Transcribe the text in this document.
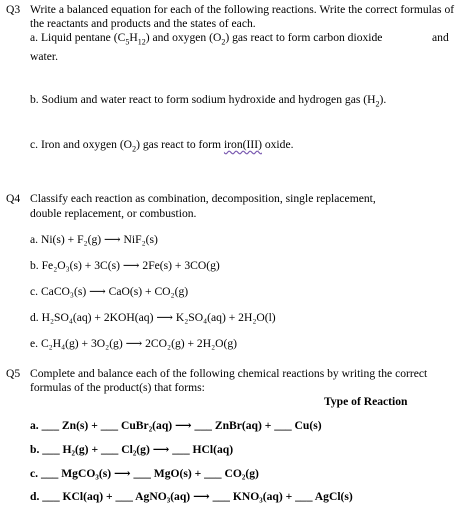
Q3 Write a balanced equation for each of the following reactions. Write the correct formulas of
the reactants and products and the states of each.
a. Liquid pentane $(C_5H_{12})$ and oxygen $(O_2)$ gas react to form carbon dioxide	and
water.
b. Sodium and water react to form sodium hydroxide and hydrogen gas $(H_2)$.
c. Iron and oxygen $(O_2)$ gas react to form iron(III) oxide.
Q4 Classify each reaction as combination, decomposition, single replacement,
double replacement, or combustion.
a. Ni(s) + F₂(g) ⟶ NiF₂(s)
b. Fe₂O₃(s) + 3C(s) ⟶ 2Fe(s) + 3CO(g)
c. CaCO₃(s) ⟶ CaO(s) + CO₂(g)
d. H₂SO₄(aq) + 2KOH(aq) ⟶ K₂SO₄(aq) + 2H₂O(l)
e. C₂H₄(g) + 3O₂(g) ⟶ 2CO₂(g) + 2H₂O(g)
Q5 Complete and balance each of the following chemical reactions by writing the correct
formulas of the product(s) that forms:
Type of Reaction
a. ___ Zn(s) + ___ CuBr₂(aq) ⟶ ___ ZnBr(aq) + ___ Cu(s)
b. ___ H₂(g) + ___ Cl₂(g) ⟶ ___ HCl(aq)
c. ___ MgCO₃(s) ⟶ ___ MgO(s) + ___ CO₂(g)
d. ___ KCl(aq) + ___ AgNO₃(aq) ⟶ ___ KNO₃(aq) + ___ AgCl(s)
